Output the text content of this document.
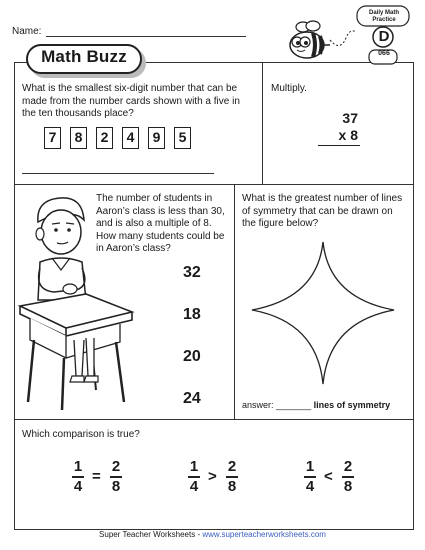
Name:
Math Buzz
Daily Math Practice
D
066
What is the smallest six-digit number that can be made from the number cards shown with a five in the ten thousands place?
7	8	2	4	9	5
Multiply.
37
x 8
The number of students in Aaron’s class is less than 30, and is also a multiple of 8. How many students could be in Aaron’s class?
32
18
20
24
What is the greatest number of lines of symmetry that can be drawn on the figure below?
answer: _______ lines of symmetry
Which comparison is true?
1
4
=
2
8
1
4
>
2
8
1
4
<
2
8
Super Teacher Worksheets - www.superteacherworksheets.com
